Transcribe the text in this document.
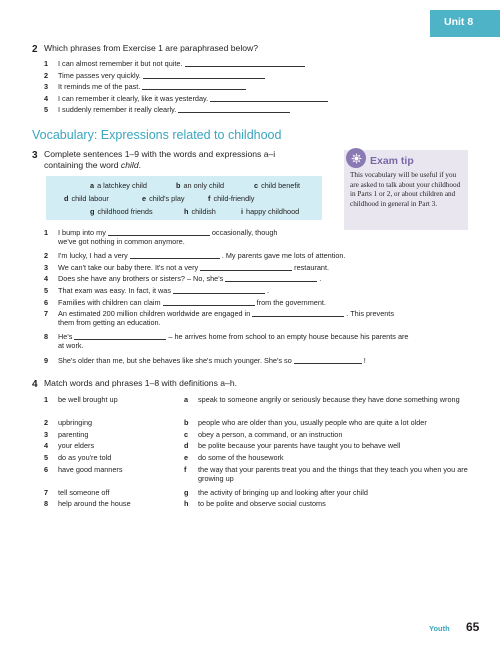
Unit 8
2 Which phrases from Exercise 1 are paraphrased below?
1 I can almost remember it but not quite.
2 Time passes very quickly.
3 It reminds me of the past.
4 I can remember it clearly, like it was yesterday.
5 I suddenly remember it really clearly.
Vocabulary: Expressions related to childhood
3 Complete sentences 1–9 with the words and expressions a–i
containing the word child.
a a latchkey child	b an only child	c child benefit
d child labour	e child's play	f child-friendly
g childhood friends	h childish	i happy childhood
Exam tip
This vocabulary will be useful if you are asked to talk about your childhood in Parts 1 or 2, or about children and childhood in general in Part 3.
1 I bump into my	occasionally, though
we've got nothing in common anymore.
2 I'm lucky, I had a very	. My parents gave me lots of attention.
3 We can't take our baby there. It's not a very	restaurant.
4 Does she have any brothers or sisters? – No, she's	.
5 That exam was easy. In fact, it was	.
6 Families with children can claim	from the government.
7 An estimated 200 million children worldwide are engaged in	. This prevents
them from getting an education.
8 He's	– he arrives home from school to an empty house because his parents are
at work.
9 She's older than me, but she behaves like she's much younger. She's so	!
4 Match words and phrases 1–8 with definitions a–h.
1 be well brought up	a speak to someone angrily or seriously because they have done something wrong
2 upbringing	b people who are older than you, usually people who are quite a lot older
3 parenting	c obey a person, a command, or an instruction
4 your elders	d be polite because your parents have taught you to behave well
5 do as you're told	e do some of the housework
6 have good manners	f the way that your parents treat you and the things that they teach you when you are growing up
7 tell someone off	g the activity of bringing up and looking after your child
8 help around the house	h to be polite and observe social customs
Youth 65
